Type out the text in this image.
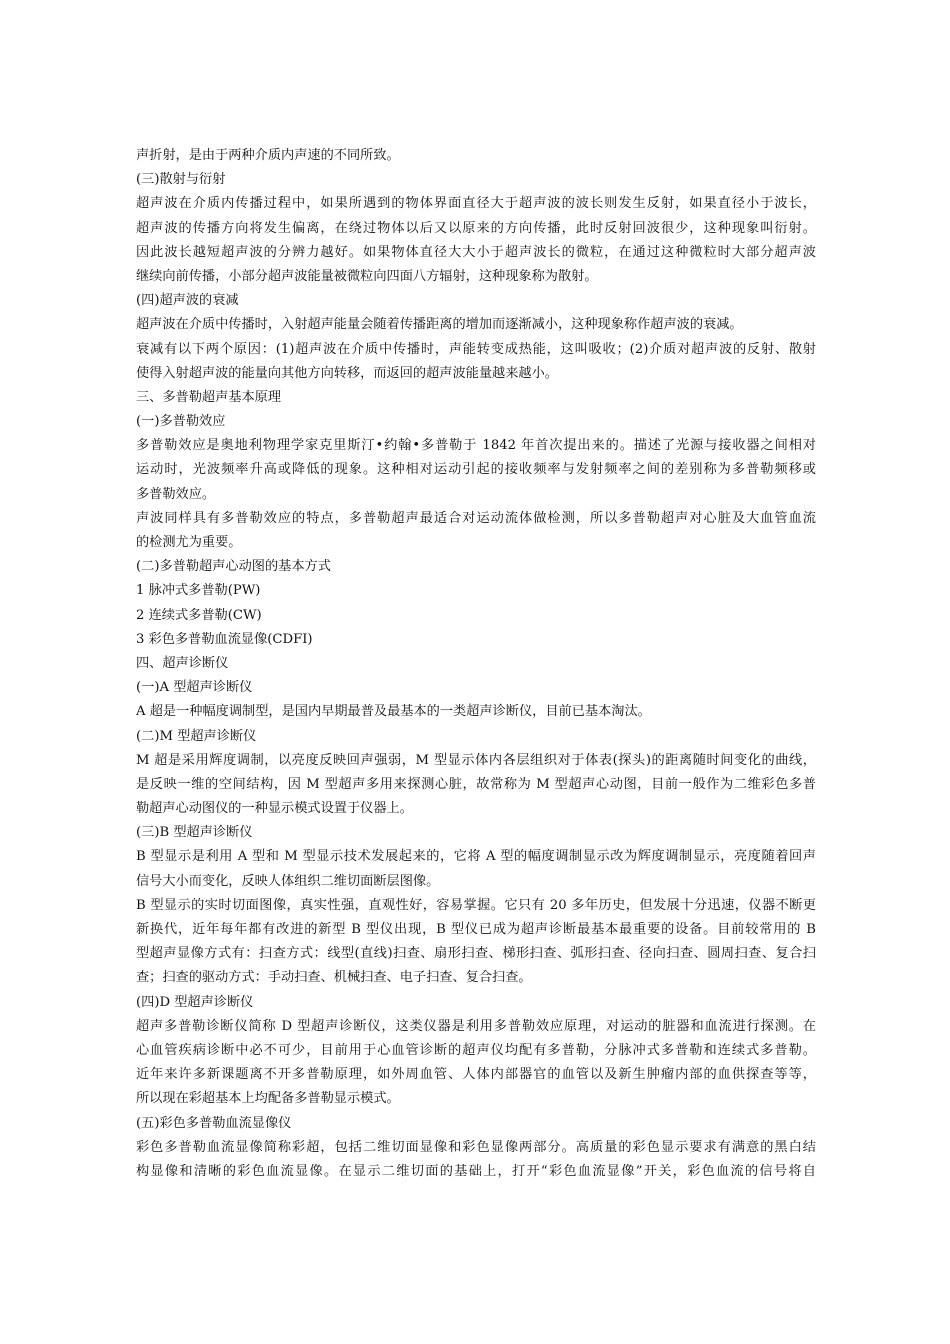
声折射，是由于两种介质内声速的不同所致。
(三)散射与衍射
超声波在介质内传播过程中，如果所遇到的物体界面直径大于超声波的波长则发生反射，如果直径小于波长，
超声波的传播方向将发生偏离，在绕过物体以后又以原来的方向传播，此时反射回波很少，这种现象叫衍射。
因此波长越短超声波的分辨力越好。如果物体直径大大小于超声波长的微粒，在通过这种微粒时大部分超声波
继续向前传播，小部分超声波能量被微粒向四面八方辐射，这种现象称为散射。
(四)超声波的衰减
超声波在介质中传播时，入射超声能量会随着传播距离的增加而逐渐减小，这种现象称作超声波的衰减。
衰减有以下两个原因：(1)超声波在介质中传播时，声能转变成热能，这叫吸收；(2)介质对超声波的反射、散射
使得入射超声波的能量向其他方向转移，而返回的超声波能量越来越小。
三、多普勒超声基本原理
(一)多普勒效应
多普勒效应是奥地利物理学家克里斯汀•约翰•多普勒于 1842 年首次提出来的。描述了光源与接收器之间相对
运动时，光波频率升高或降低的现象。这种相对运动引起的接收频率与发射频率之间的差别称为多普勒频移或
多普勒效应。
声波同样具有多普勒效应的特点，多普勒超声最适合对运动流体做检测，所以多普勒超声对心脏及大血管血流
的检测尤为重要。
(二)多普勒超声心动图的基本方式
1 脉冲式多普勒(PW)
2 连续式多普勒(CW)
3 彩色多普勒血流显像(CDFI)
四、超声诊断仪
(一)A 型超声诊断仪
A 超是一种幅度调制型，是国内早期最普及最基本的一类超声诊断仪，目前已基本淘汰。
(二)M 型超声诊断仪
M 超是采用辉度调制，以亮度反映回声强弱，M 型显示体内各层组织对于体表(探头)的距离随时间变化的曲线，
是反映一维的空间结构，因 M 型超声多用来探测心脏，故常称为 M 型超声心动图，目前一般作为二维彩色多普
勒超声心动图仪的一种显示模式设置于仪器上。
(三)B 型超声诊断仪
B 型显示是利用 A 型和 M 型显示技术发展起来的，它将 A 型的幅度调制显示改为辉度调制显示，亮度随着回声
信号大小而变化，反映人体组织二维切面断层图像。
B 型显示的实时切面图像，真实性强，直观性好，容易掌握。它只有 20 多年历史，但发展十分迅速，仪器不断更
新换代，近年每年都有改进的新型 B 型仪出现，B 型仪已成为超声诊断最基本最重要的设备。目前较常用的 B
型超声显像方式有：扫查方式：线型(直线)扫查、扇形扫查、梯形扫查、弧形扫查、径向扫查、圆周扫查、复合扫
查；扫查的驱动方式：手动扫查、机械扫查、电子扫查、复合扫查。
(四)D 型超声诊断仪
超声多普勒诊断仪简称 D 型超声诊断仪，这类仪器是利用多普勒效应原理，对运动的脏器和血流进行探测。在
心血管疾病诊断中必不可少，目前用于心血管诊断的超声仪均配有多普勒，分脉冲式多普勒和连续式多普勒。
近年来许多新课题离不开多普勒原理，如外周血管、人体内部器官的血管以及新生肿瘤内部的血供探查等等，
所以现在彩超基本上均配备多普勒显示模式。
(五)彩色多普勒血流显像仪
彩色多普勒血流显像简称彩超，包括二维切面显像和彩色显像两部分。高质量的彩色显示要求有满意的黑白结
构显像和清晰的彩色血流显像。在显示二维切面的基础上，打开“彩色血流显像”开关，彩色血流的信号将自
